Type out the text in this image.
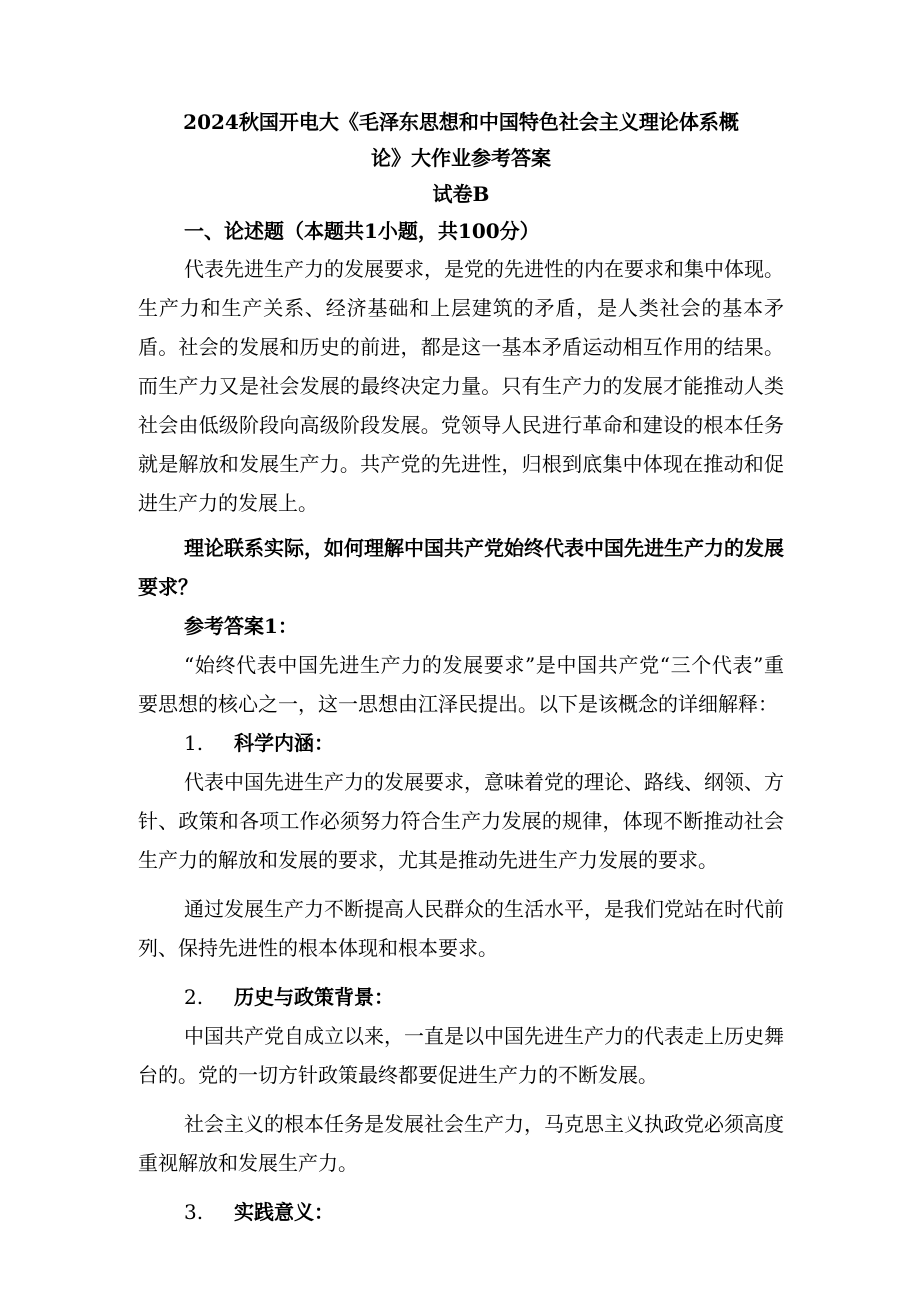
2024秋国开电大《毛泽东思想和中国特色社会主义理论体系概

论》大作业参考答案

试卷B

一、论述题（本题共1小题，共100分）

代表先进生产力的发展要求，是党的先进性的内在要求和集中体现。生产力和生产关系、经济基础和上层建筑的矛盾，是人类社会的基本矛盾。社会的发展和历史的前进，都是这一基本矛盾运动相互作用的结果。而生产力又是社会发展的最终决定力量。只有生产力的发展才能推动人类社会由低级阶段向高级阶段发展。党领导人民进行革命和建设的根本任务就是解放和发展生产力。共产党的先进性，归根到底集中体现在推动和促进生产力的发展上。

理论联系实际，如何理解中国共产党始终代表中国先进生产力的发展要求？

参考答案1：

“始终代表中国先进生产力的发展要求”是中国共产党“三个代表”重要思想的核心之一，这一思想由江泽民提出。以下是该概念的详细解释：

1. 科学内涵：

代表中国先进生产力的发展要求，意味着党的理论、路线、纲领、方针、政策和各项工作必须努力符合生产力发展的规律，体现不断推动社会生产力的解放和发展的要求，尤其是推动先进生产力发展的要求。

通过发展生产力不断提高人民群众的生活水平，是我们党站在时代前列、保持先进性的根本体现和根本要求。

2. 历史与政策背景：

中国共产党自成立以来，一直是以中国先进生产力的代表走上历史舞台的。党的一切方针政策最终都要促进生产力的不断发展。

社会主义的根本任务是发展社会生产力，马克思主义执政党必须高度重视解放和发展生产力。

3. 实践意义：
